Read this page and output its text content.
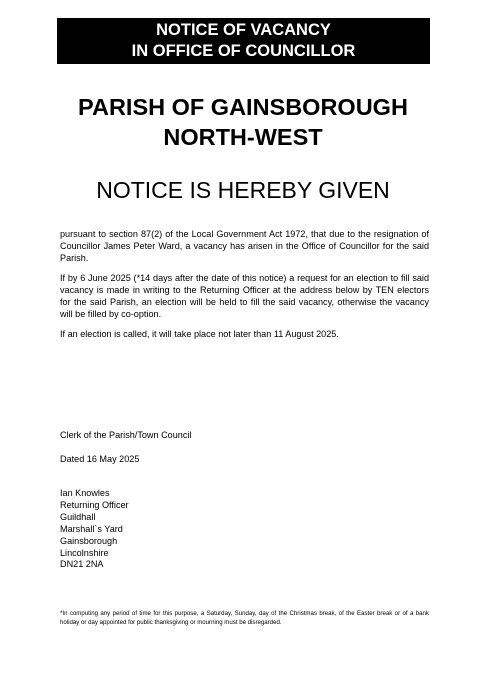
NOTICE OF VACANCY
IN OFFICE OF COUNCILLOR
PARISH OF GAINSBOROUGH
NORTH-WEST
NOTICE IS HEREBY GIVEN

pursuant to section 87(2) of the Local Government Act 1972, that due to the resignation of Councillor James Peter Ward, a vacancy has arisen in the Office of Councillor for the said Parish.

If by 6 June 2025 (*14 days after the date of this notice) a request for an election to fill said vacancy is made in writing to the Returning Officer at the address below by TEN electors for the said Parish, an election will be held to fill the said vacancy, otherwise the vacancy will be filled by co-option.

If an election is called, it will take place not later than 11 August 2025.

Clerk of the Parish/Town Council
Dated 16 May 2025
Ian Knowles
Returning Officer
Guildhall
Marshall`s Yard
Gainsborough
Lincolnshire
DN21 2NA

*In computing any period of time for this purpose, a Saturday, Sunday, day of the Christmas break, of the Easter break or of a bank holiday or day appointed for public thanksgiving or mourning must be disregarded.
